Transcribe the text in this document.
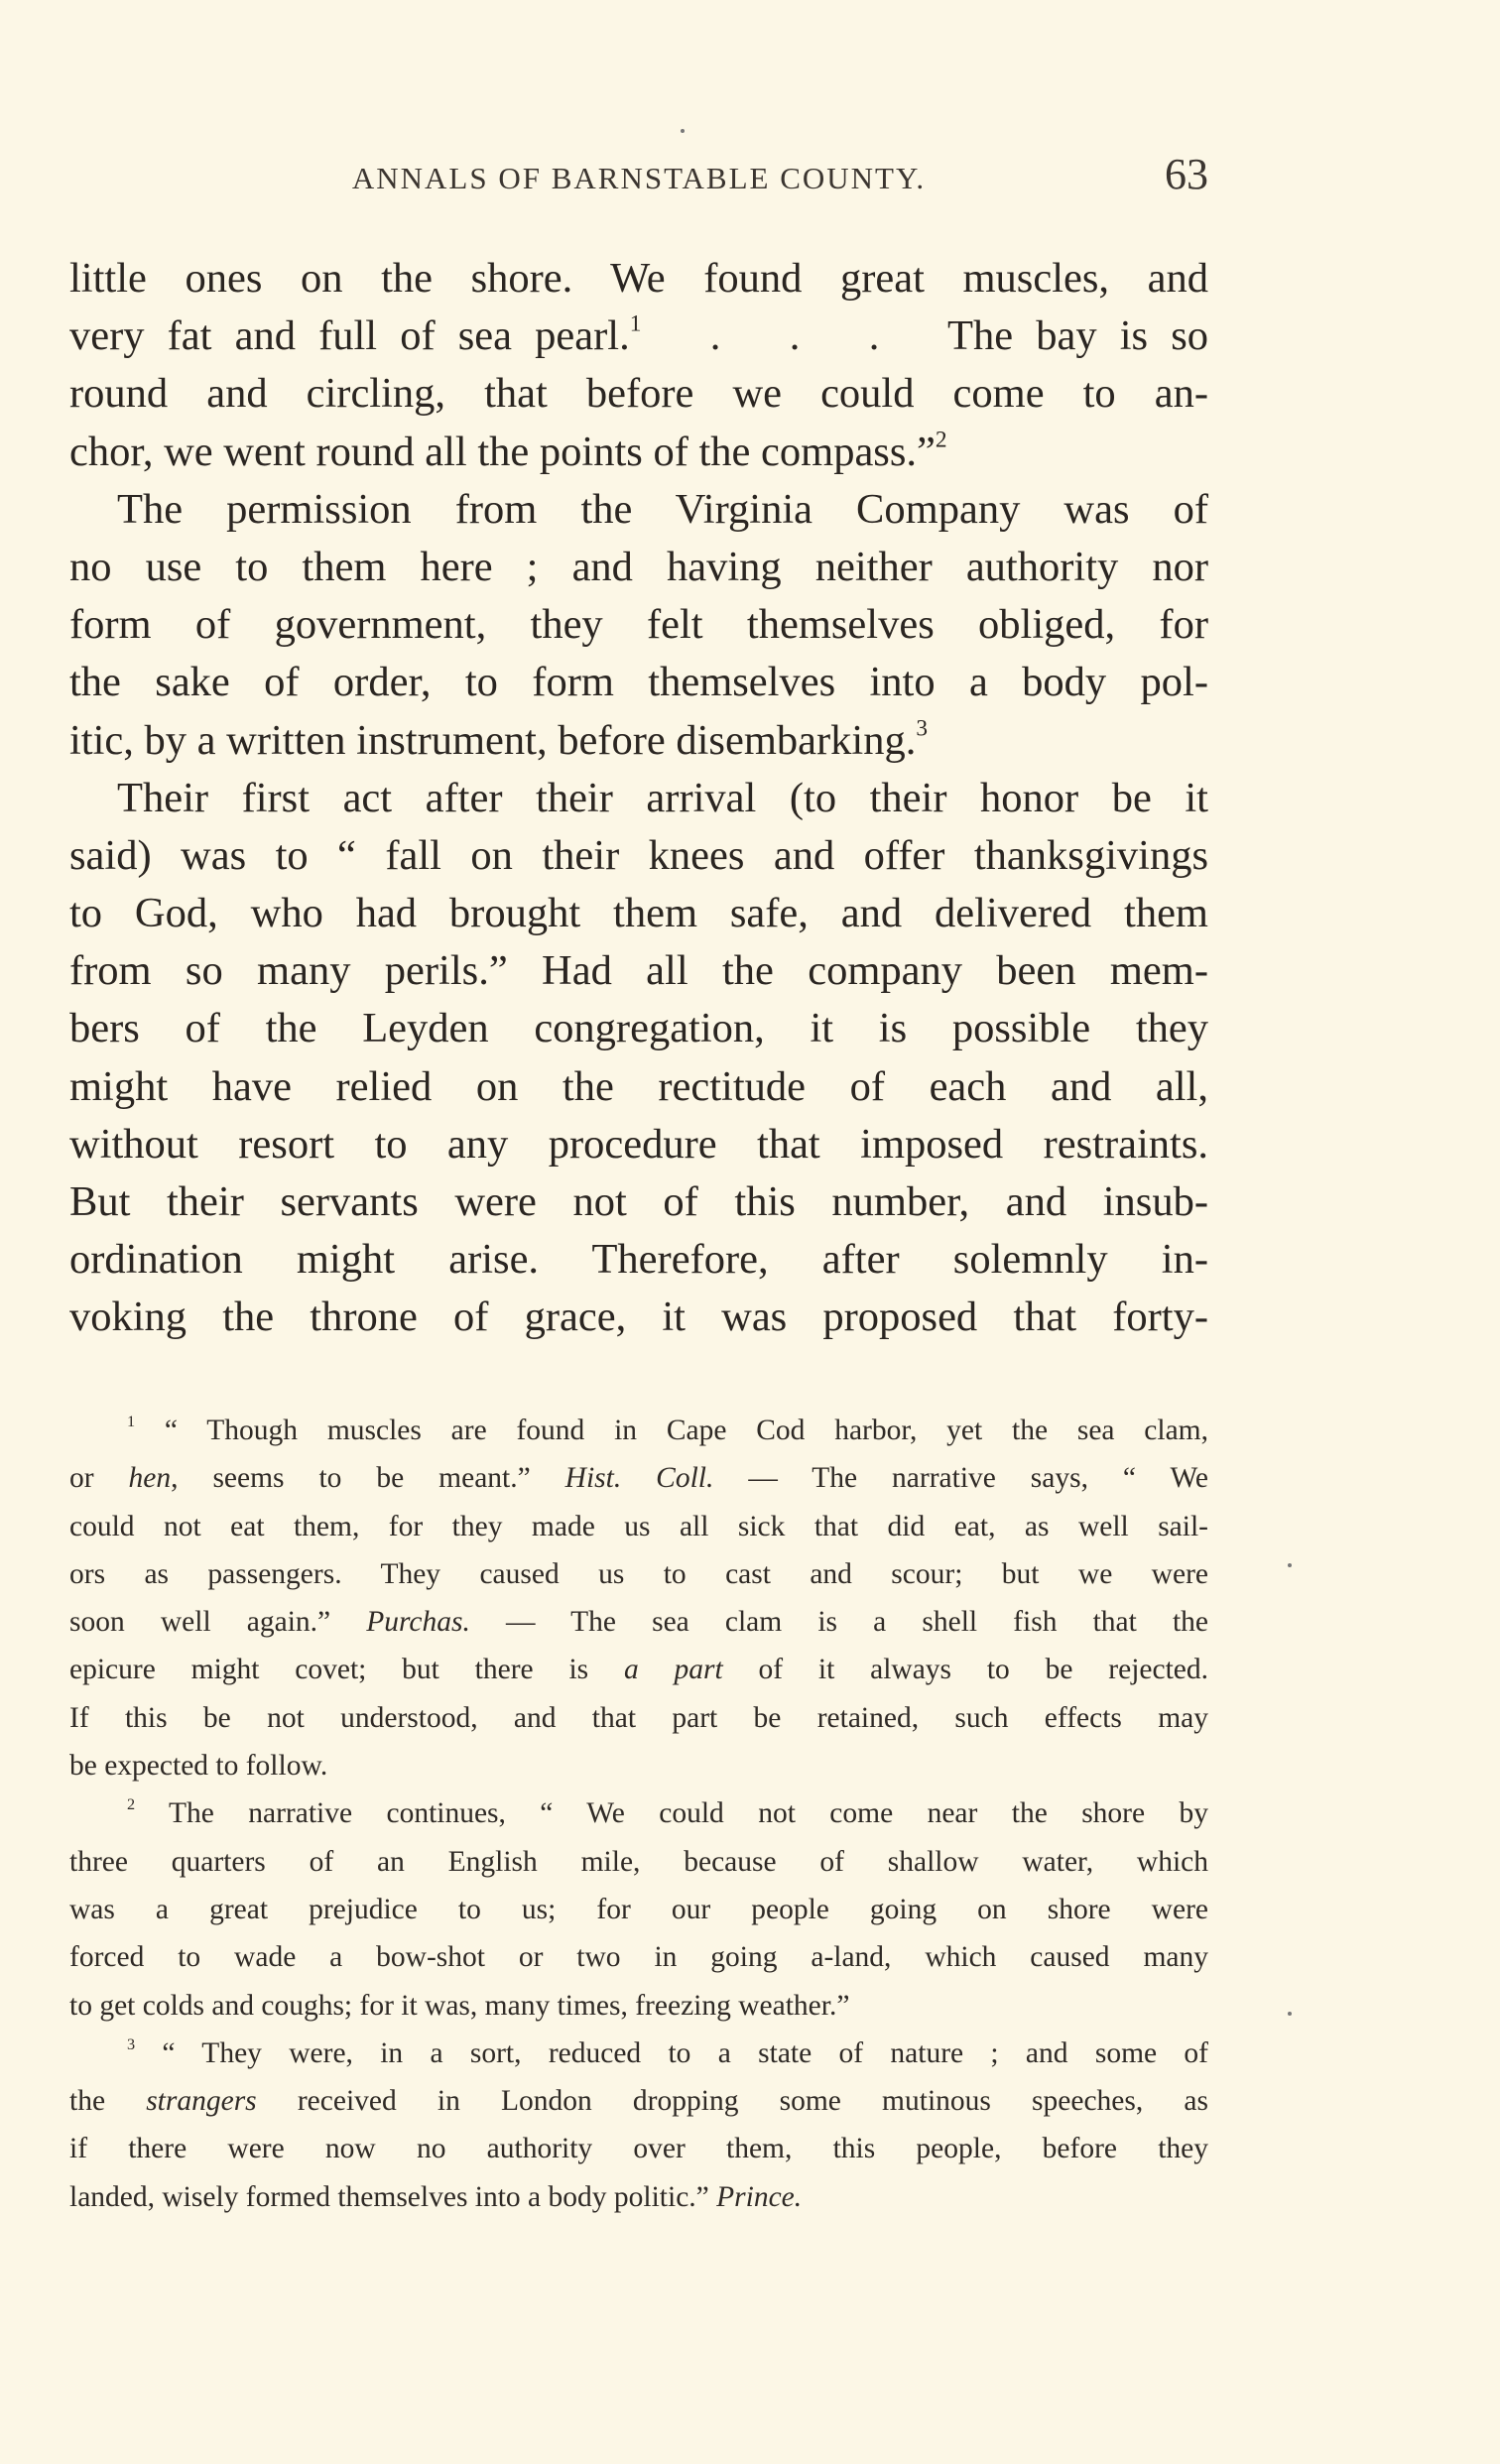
ANNALS OF BARNSTABLE COUNTY.	63
little ones on the shore. We found great muscles, and
very fat and full of sea pearl.$^1$   .   .   .   The bay is so
round and circling, that before we could come to an-
chor, we went round all the points of the compass.”$^2$
The permission from the Virginia Company was of
no use to them here ; and having neither authority nor
form of government, they felt themselves obliged, for
the sake of order, to form themselves into a body pol-
itic, by a written instrument, before disembarking.$^3$
Their first act after their arrival (to their honor be it
said) was to “ fall on their knees and offer thanksgivings
to God, who had brought them safe, and delivered them
from so many perils.” Had all the company been mem-
bers of the Leyden congregation, it is possible they
might have relied on the rectitude of each and all,
without resort to any procedure that imposed restraints.
But their servants were not of this number, and insub-
ordination might arise. Therefore, after solemnly in-
voking the throne of grace, it was proposed that forty-
$^1$ “ Though muscles are found in Cape Cod harbor, yet the sea clam,
or hen, seems to be meant.” Hist. Coll. — The narrative says, “ We
could not eat them, for they made us all sick that did eat, as well sail-
ors as passengers. They caused us to cast and scour; but we were
soon well again.” Purchas. — The sea clam is a shell fish that the
epicure might covet; but there is a part of it always to be rejected.
If this be not understood, and that part be retained, such effects may
be expected to follow.
$^2$ The narrative continues, “ We could not come near the shore by
three quarters of an English mile, because of shallow water, which
was a great prejudice to us; for our people going on shore were
forced to wade a bow-shot or two in going a-land, which caused many
to get colds and coughs; for it was, many times, freezing weather.”
$^3$ “ They were, in a sort, reduced to a state of nature ; and some of
the strangers received in London dropping some mutinous speeches, as
if there were now no authority over them, this people, before they
landed, wisely formed themselves into a body politic.” Prince.
